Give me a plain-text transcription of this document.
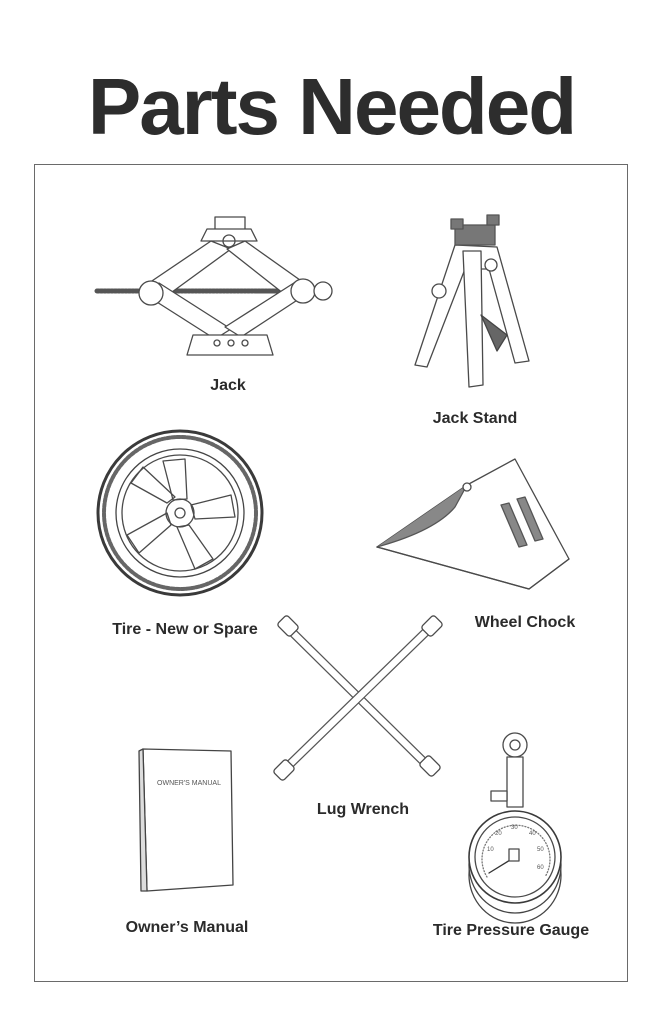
Parts Needed
Jack
Jack Stand
Tire - New or Spare	Wheel Chock
Lug Wrench
OWNER'S MANUAL
Owner’s Manual
10
20
30
40
50
60
Tire Pressure Gauge
